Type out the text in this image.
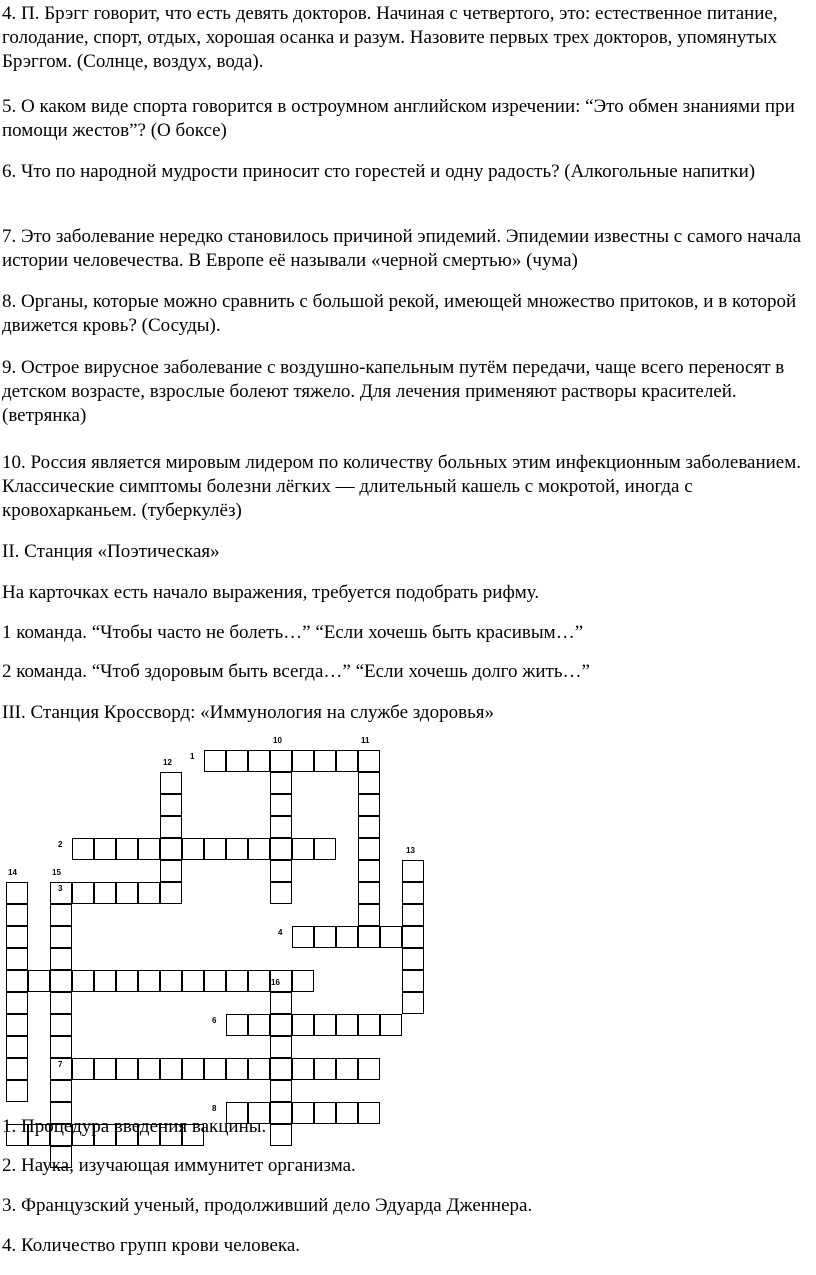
4. П. Брэгг говорит, что есть девять докторов. Начиная с четвертого, это: естественное питание, голодание, спорт, отдых, хорошая осанка и разум. Назовите первых трех докторов, упомянутых Брэггом. (Солнце, воздух, вода).

5. О каком виде спорта говорится в остроумном английском изречении: “Это обмен знаниями при помощи жестов”? (О боксе)

6. Что по народной мудрости приносит сто горестей и одну радость? (Алкогольные напитки)

7. Это заболевание нередко становилось причиной эпидемий. Эпидемии известны с самого начала истории человечества. В Европе её называли «черной смертью» (чума)

8. Органы, которые можно сравнить с большой рекой, имеющей множество притоков, и в которой движется кровь? (Сосуды).

9. Острое вирусное заболевание с воздушно-капельным путём передачи, чаще всего переносят в детском возрасте, взрослые болеют тяжело. Для лечения применяют растворы красителей. (ветрянка)

10. Россия является мировым лидером по количеству больных этим инфекционным заболеванием. Классические симптомы болезни лёгких — длительный кашель с мокротой, иногда с кровохарканьем. (туберкулёз)

II. Станция «Поэтическая»

На карточках есть начало выражения, требуется подобрать рифму.

1 команда. “Чтобы часто не болеть…” “Если хочешь быть красивым…”

2 команда. “Чтоб здоровым быть всегда…” “Если хочешь долго жить…”

III. Станция Кроссворд: «Иммунология на службе здоровья»

1
2
3
4
6
7
8
10	11
12
13
14	15
16

1. Процедура введения вакцины.

2. Наука, изучающая иммунитет организма.

3. Французский ученый, продолживший дело Эдуарда Дженнера.

4. Количество групп крови человека.
